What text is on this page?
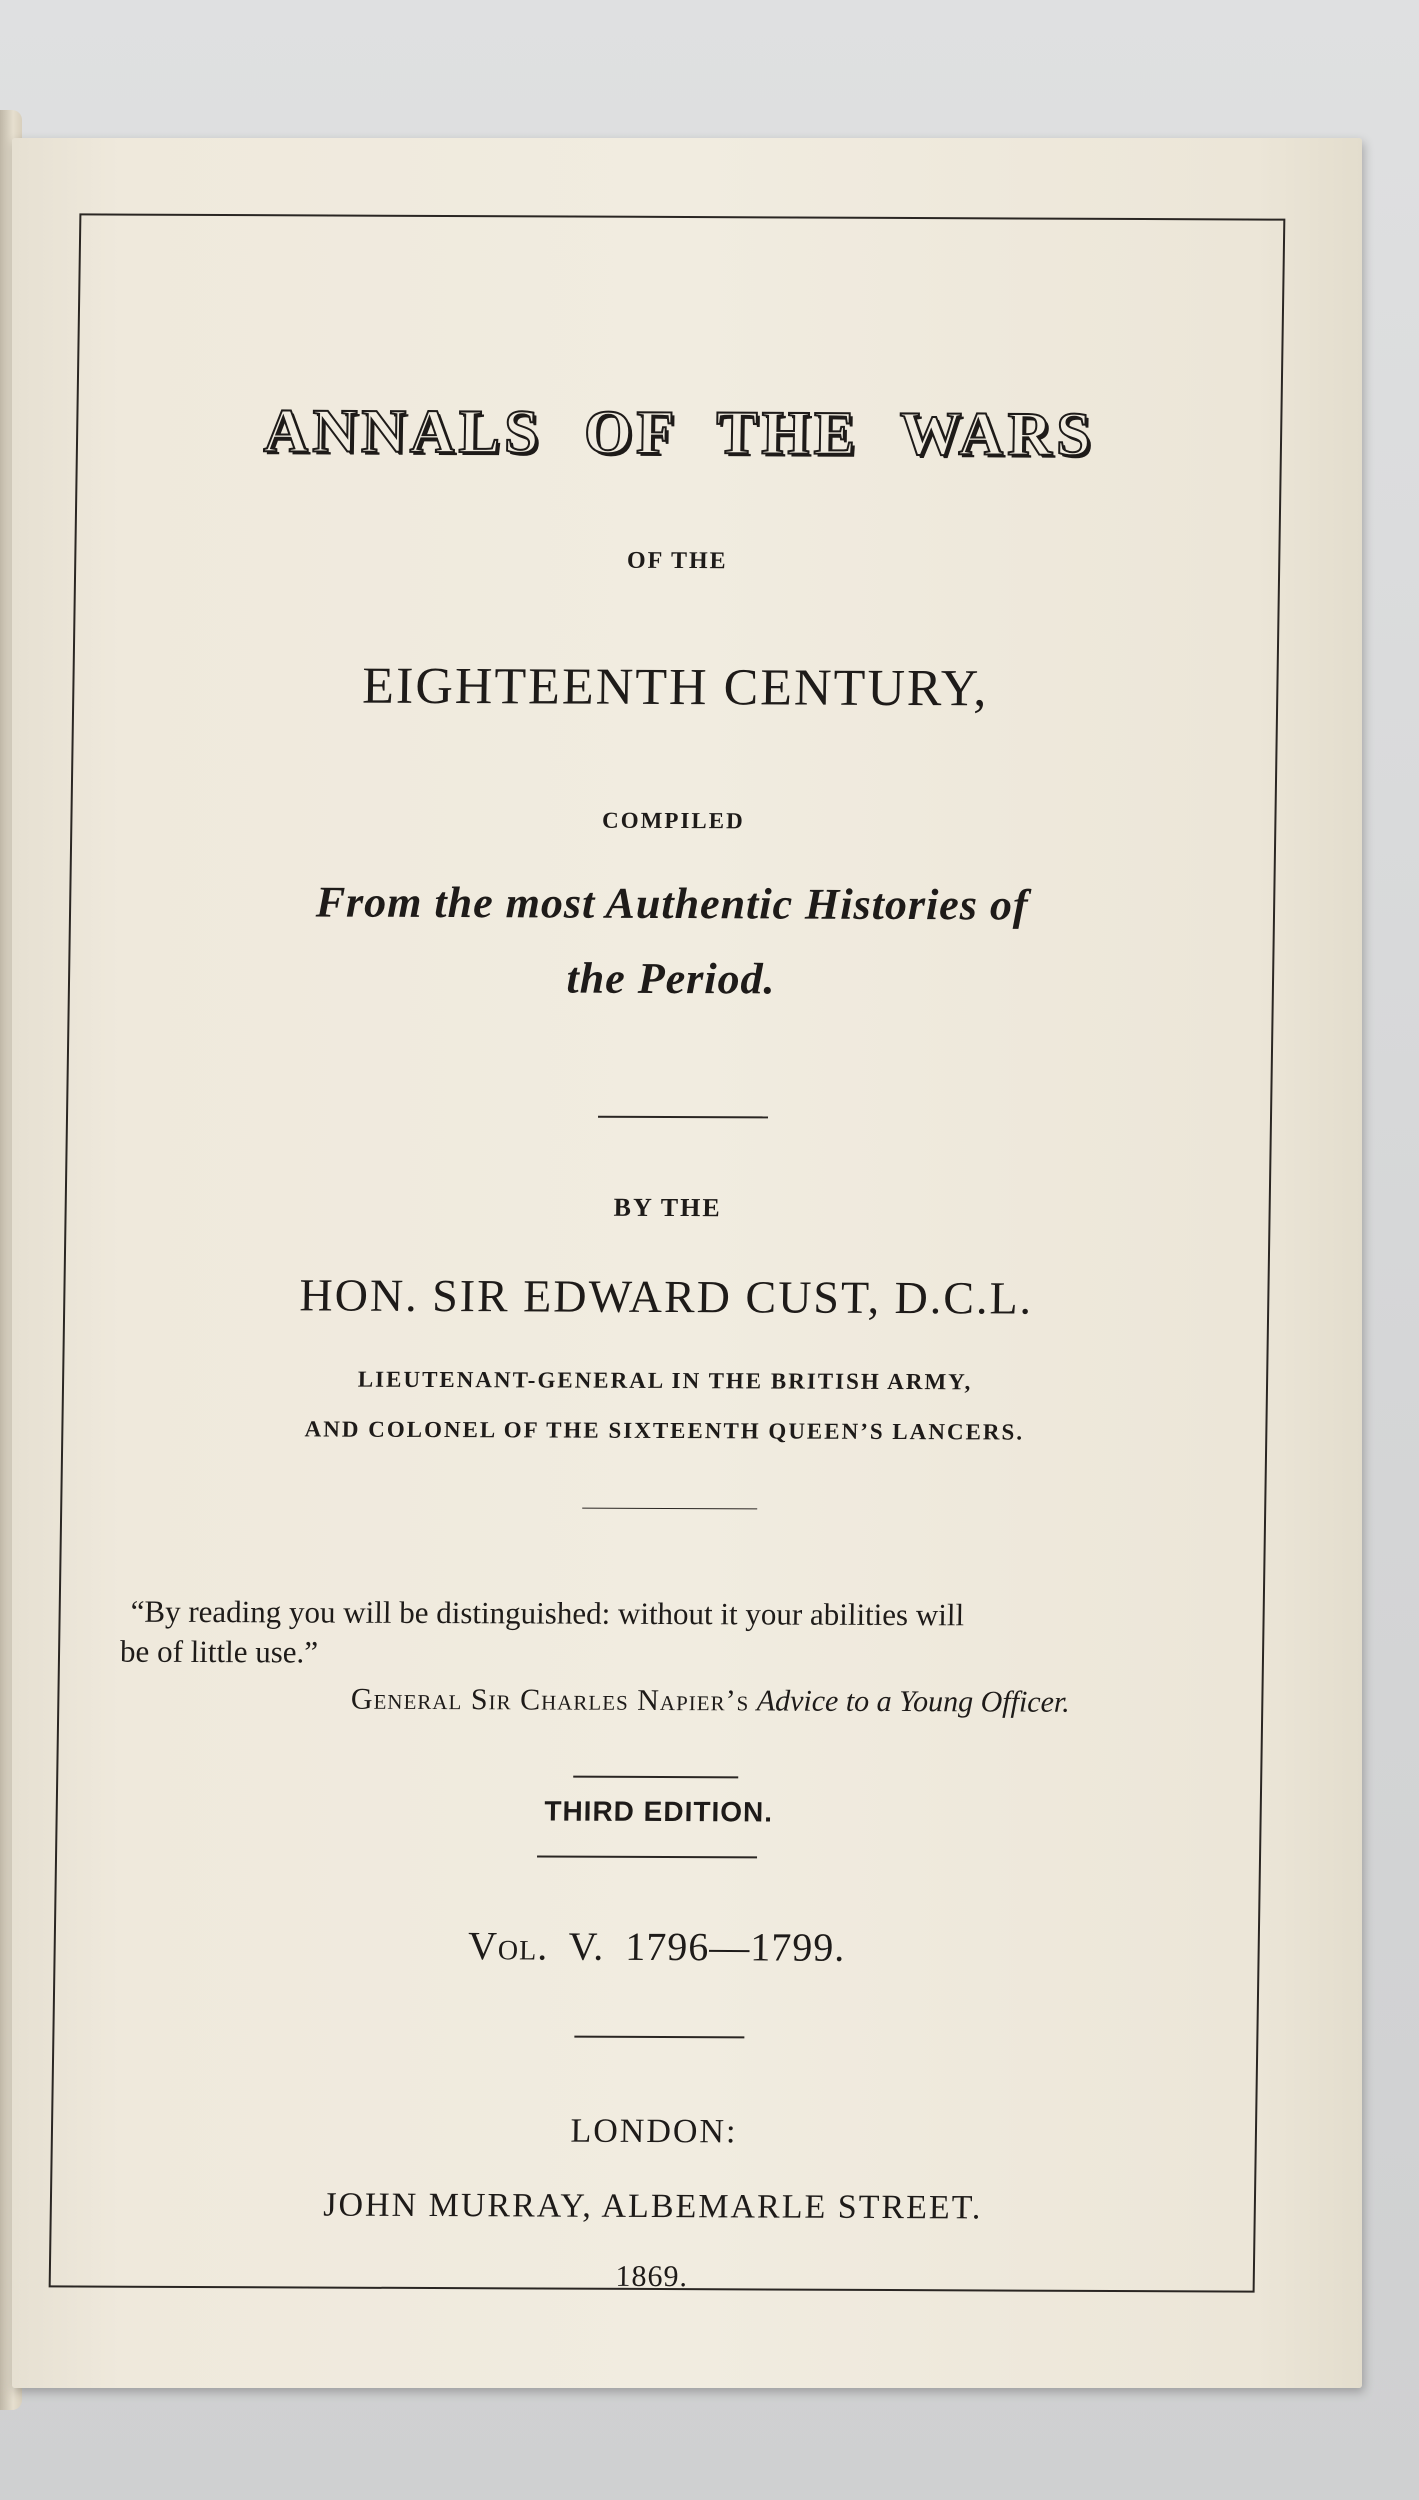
ANNALS OF THE WARS
OF THE
EIGHTEENTH CENTURY,
COMPILED
From the most Authentic Histories of
the Period.
BY THE
HON. SIR EDWARD CUST, D.C.L.
LIEUTENANT-GENERAL IN THE BRITISH ARMY,
AND COLONEL OF THE SIXTEENTH QUEEN’S LANCERS.
“By reading you will be distinguished: without it your abilities will
be of little use.”
General Sir Charles Napier’s Advice to a Young Officer.
THIRD EDITION.
Vol. V. 1796—1799.
LONDON:
JOHN MURRAY, ALBEMARLE STREET.
1869.
